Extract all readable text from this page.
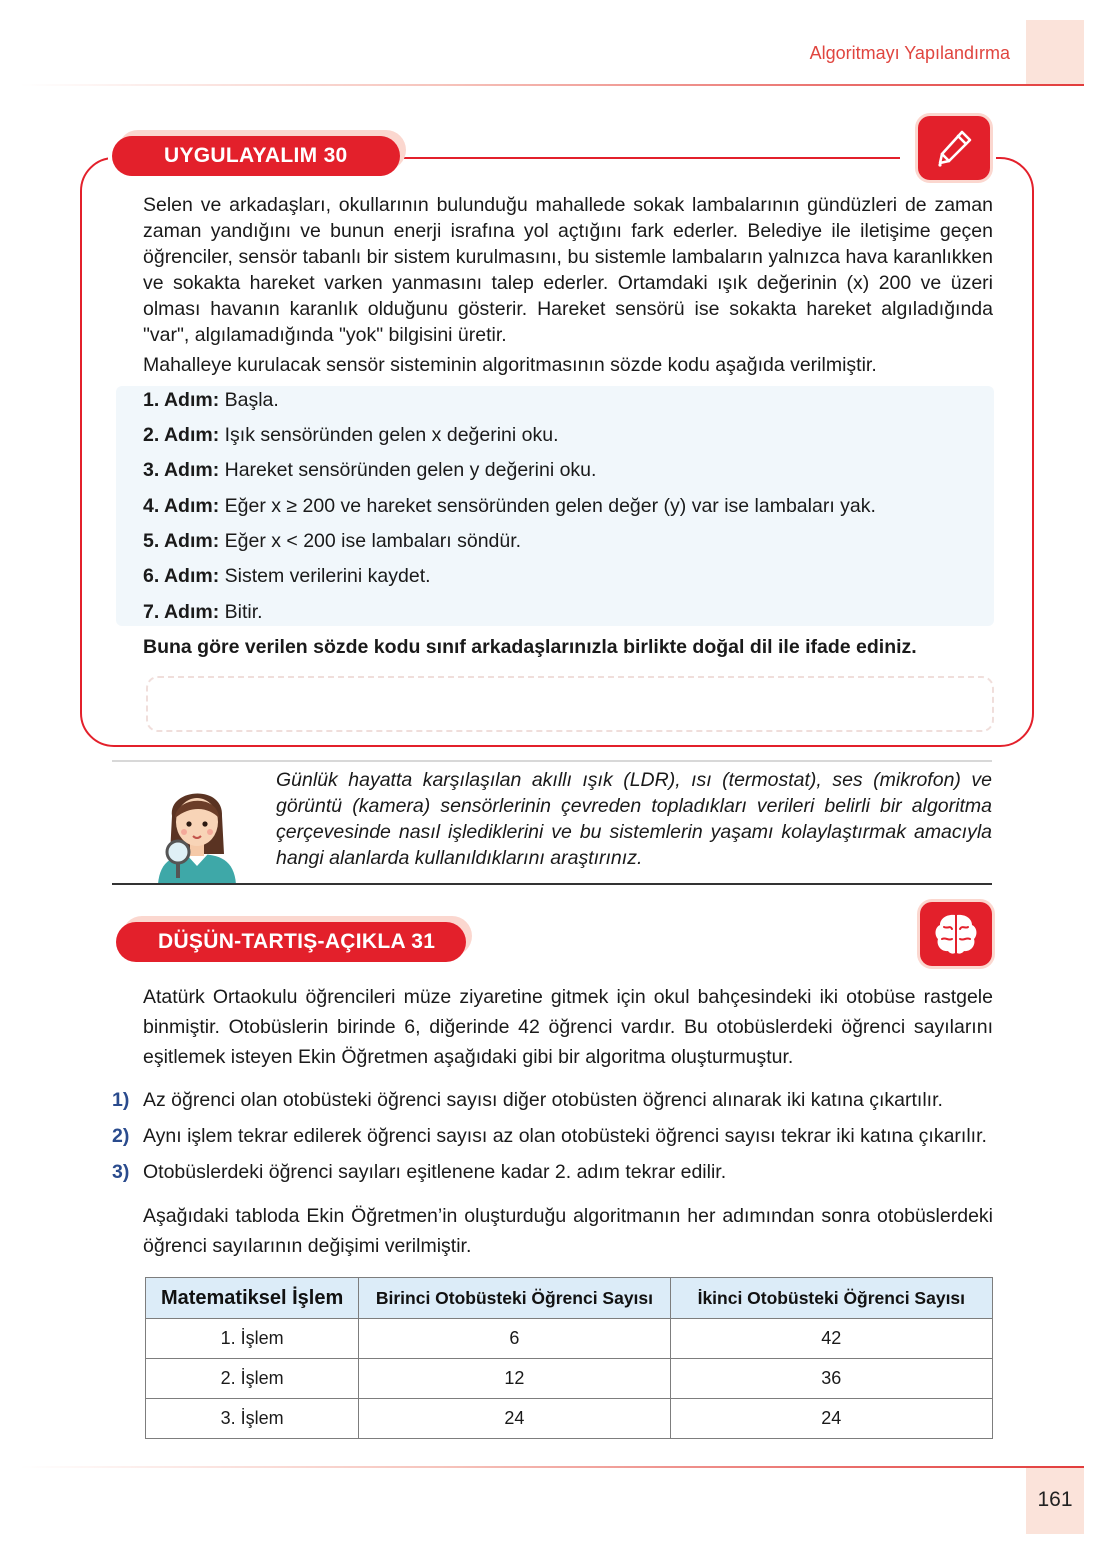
Algoritmayı Yapılandırma
UYGULAYALIM 30
Selen ve arkadaşları, okullarının bulunduğu mahallede sokak lambalarının gündüzleri de zaman zaman yandığını ve bunun enerji israfına yol açtığını fark ederler. Belediye ile iletişime geçen öğrenciler, sensör tabanlı bir sistem kurulmasını, bu sistemle lambaların yalnızca hava karanlıkken ve sokakta hareket varken yanmasını talep ederler. Ortamdaki ışık değerinin (x) 200 ve üzeri olması havanın karanlık olduğunu gösterir. Hareket sensörü ise sokakta hareket algıladığında "var", algılamadığında "yok" bilgisini üretir.
Mahalleye kurulacak sensör sisteminin algoritmasının sözde kodu aşağıda verilmiştir.
1. Adım: Başla.
2. Adım: Işık sensöründen gelen x değerini oku.
3. Adım: Hareket sensöründen gelen y değerini oku.
4. Adım: Eğer x ≥ 200 ve hareket sensöründen gelen değer (y) var ise lambaları yak.
5. Adım: Eğer x < 200 ise lambaları söndür.
6. Adım: Sistem verilerini kaydet.
7. Adım: Bitir.
Buna göre verilen sözde kodu sınıf arkadaşlarınızla birlikte doğal dil ile ifade ediniz.
Günlük hayatta karşılaşılan akıllı ışık (LDR), ısı (termostat), ses (mikrofon) ve görüntü (kamera) sensörlerinin çevreden topladıkları verileri belirli bir algoritma çerçevesinde nasıl işlediklerini ve bu sistemlerin yaşamı kolaylaştırmak amacıyla hangi alanlarda kullanıldıklarını araştırınız.
DÜŞÜN-TARTIŞ-AÇIKLA 31
Atatürk Ortaokulu öğrencileri müze ziyaretine gitmek için okul bahçesindeki iki otobüse rastgele binmiştir. Otobüslerin birinde 6, diğerinde 42 öğrenci vardır. Bu otobüslerdeki öğrenci sayılarını eşitlemek isteyen Ekin Öğretmen aşağıdaki gibi bir algoritma oluşturmuştur.
1) Az öğrenci olan otobüsteki öğrenci sayısı diğer otobüsten öğrenci alınarak iki katına çıkartılır.
2) Aynı işlem tekrar edilerek öğrenci sayısı az olan otobüsteki öğrenci sayısı tekrar iki katına çıkarılır.
3) Otobüslerdeki öğrenci sayıları eşitlenene kadar 2. adım tekrar edilir.
Aşağıdaki tabloda Ekin Öğretmen’in oluşturduğu algoritmanın her adımından sonra otobüslerdeki öğrenci sayılarının değişimi verilmiştir.
Matematiksel İşlem	Birinci Otobüsteki Öğrenci Sayısı	İkinci Otobüsteki Öğrenci Sayısı
1. İşlem	6	42
2. İşlem	12	36
3. İşlem	24	24
161
